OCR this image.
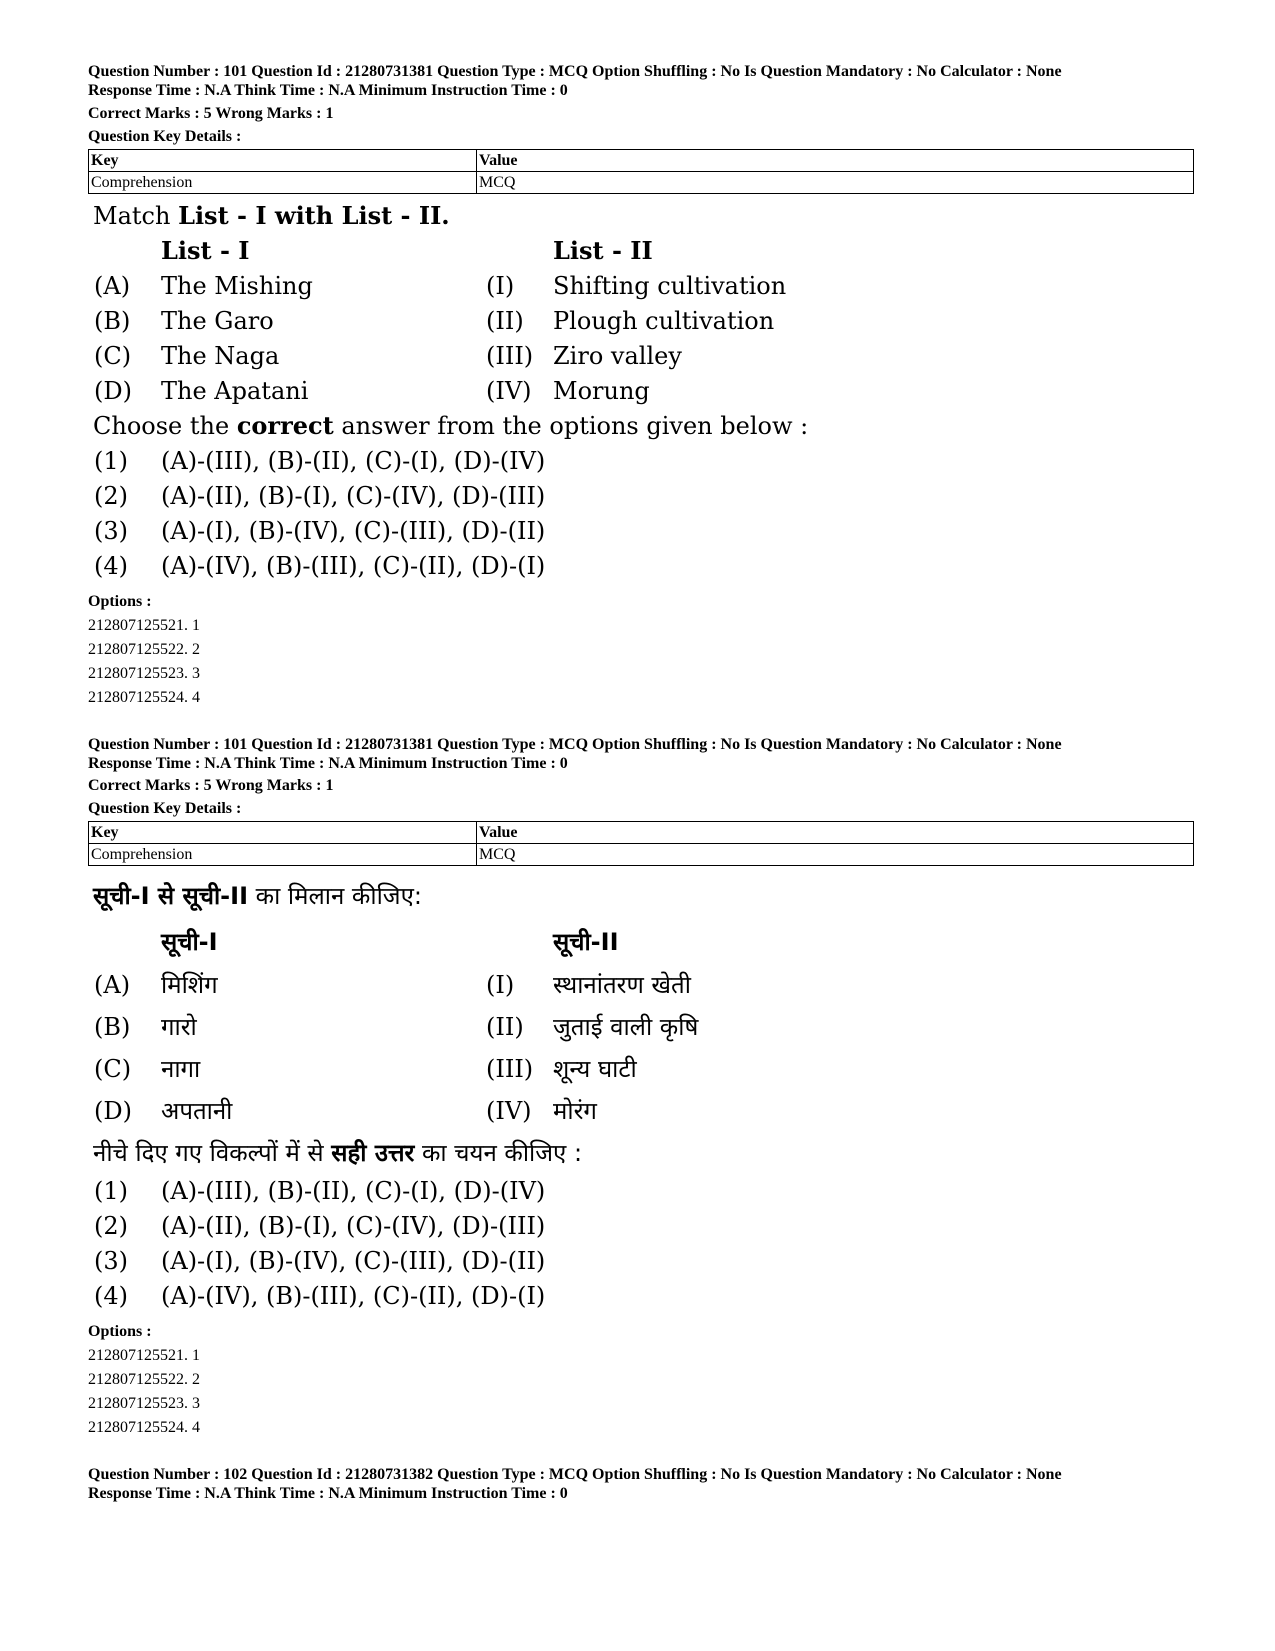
Question Number : 101 Question Id : 21280731381 Question Type : MCQ Option Shuffling : No Is Question Mandatory : No Calculator : None
Response Time : N.A Think Time : N.A Minimum Instruction Time : 0
Correct Marks : 5 Wrong Marks : 1
Question Key Details :
Key	Value
Comprehension	MCQ
Match List - I with List - II.
List - I	List - II
(A) The Mishing	(I) Shifting cultivation
(B) The Garo	(II) Plough cultivation
(C) The Naga	(III) Ziro valley
(D) The Apatani	(IV) Morung
Choose the correct answer from the options given below :
(1) (A)-(III), (B)-(II), (C)-(I), (D)-(IV)
(2) (A)-(II), (B)-(I), (C)-(IV), (D)-(III)
(3) (A)-(I), (B)-(IV), (C)-(III), (D)-(II)
(4) (A)-(IV), (B)-(III), (C)-(II), (D)-(I)
Options :
212807125521. 1
212807125522. 2
212807125523. 3
212807125524. 4
Question Number : 101 Question Id : 21280731381 Question Type : MCQ Option Shuffling : No Is Question Mandatory : No Calculator : None
Response Time : N.A Think Time : N.A Minimum Instruction Time : 0
Correct Marks : 5 Wrong Marks : 1
Question Key Details :
Key	Value
Comprehension	MCQ
सूची-I से सूची-II का मिलान कीजिए:
सूची-I	सूची-II
(A) मिशिंग	(I) स्थानांतरण खेती
(B) गारो	(II) जुताई वाली कृषि
(C) नागा	(III) शून्य घाटी
(D) अपतानी	(IV) मोरंग
नीचे दिए गए विकल्पों में से सही उत्तर का चयन कीजिए :
(1) (A)-(III), (B)-(II), (C)-(I), (D)-(IV)
(2) (A)-(II), (B)-(I), (C)-(IV), (D)-(III)
(3) (A)-(I), (B)-(IV), (C)-(III), (D)-(II)
(4) (A)-(IV), (B)-(III), (C)-(II), (D)-(I)
Options :
212807125521. 1
212807125522. 2
212807125523. 3
212807125524. 4
Question Number : 102 Question Id : 21280731382 Question Type : MCQ Option Shuffling : No Is Question Mandatory : No Calculator : None
Response Time : N.A Think Time : N.A Minimum Instruction Time : 0
